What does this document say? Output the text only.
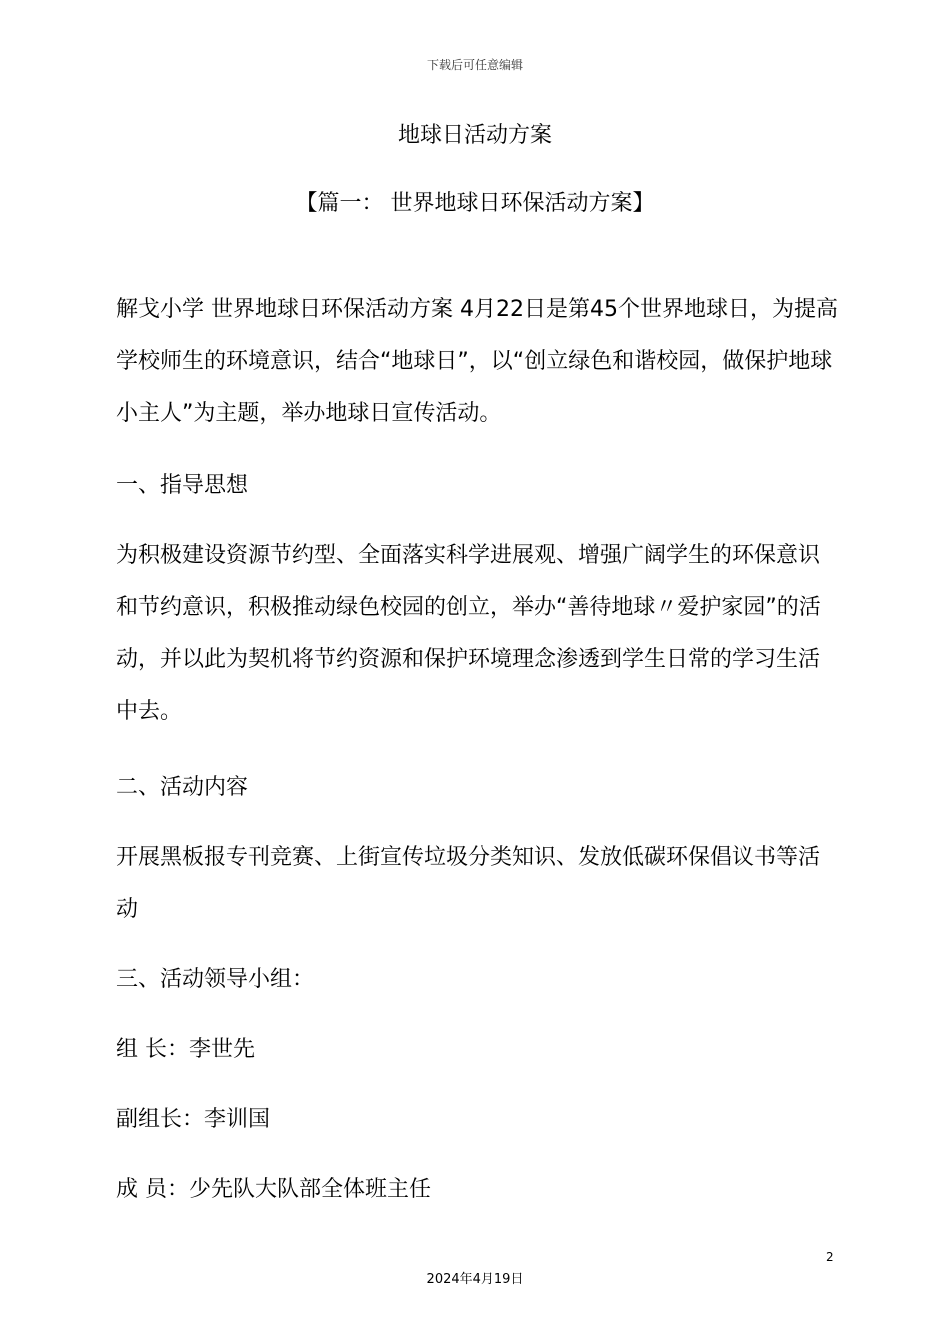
下载后可任意编辑
地球日活动方案
【篇一： 世界地球日环保活动方案】

解戈小学 世界地球日环保活动方案 4月22日是第45个世界地球日，为提高学校师生的环境意识，结合“地球日”，以“创立绿色和谐校园，做保护地球小主人”为主题，举办地球日宣传活动。

一、指导思想

为积极建设资源节约型、全面落实科学进展观、增强广阔学生的环保意识和节约意识，积极推动绿色校园的创立，举办“善待地球〃爱护家园”的活动，并以此为契机将节约资源和保护环境理念渗透到学生日常的学习生活中去。

二、活动内容

开展黑板报专刊竞赛、上街宣传垃圾分类知识、发放低碳环保倡议书等活动

三、活动领导小组：

组 长：李世先

副组长：李训国

成 员：少先队大队部全体班主任

2
2024年4月19日
